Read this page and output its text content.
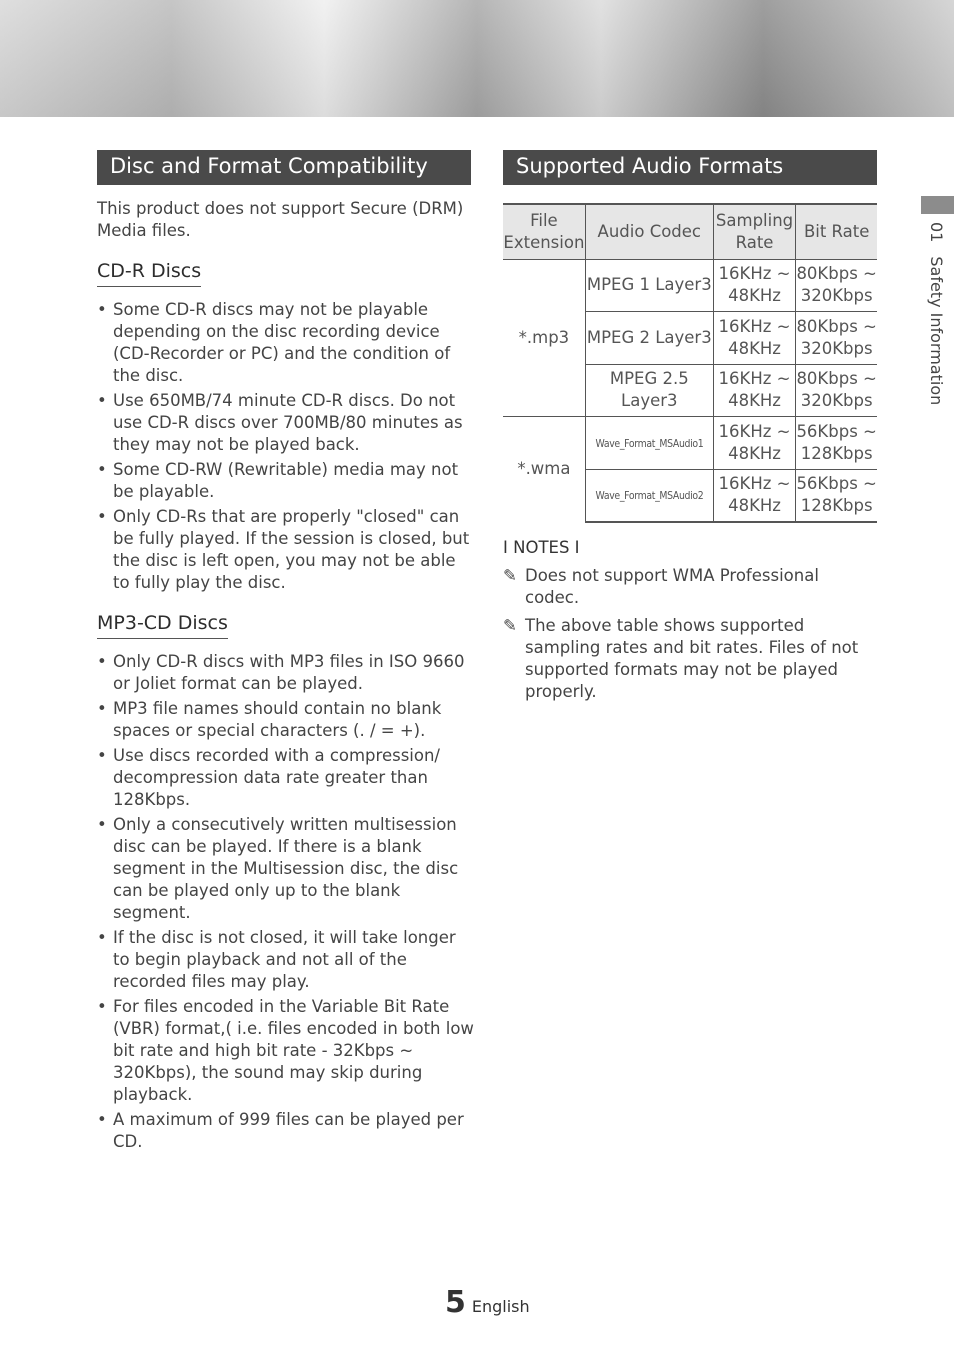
Disc and Format Compatibility	Supported Audio Formats

This product does not support Secure (DRM) Media files.

CD-R Discs
• Some CD-R discs may not be playable depending on the disc recording device (CD-Recorder or PC) and the condition of the disc.
• Use 650MB/74 minute CD-R discs. Do not use CD-R discs over 700MB/80 minutes as they may not be played back.
• Some CD-RW (Rewritable) media may not be playable.
• Only CD-Rs that are properly "closed" can be fully played. If the session is closed, but the disc is left open, you may not be able to fully play the disc.
MP3-CD Discs
• Only CD-R discs with MP3 files in ISO 9660 or Joliet format can be played.
• MP3 file names should contain no blank spaces or special characters (. / = +).
• Use discs recorded with a compression/ decompression data rate greater than 128Kbps.
• Only a consecutively written multisession disc can be played. If there is a blank segment in the Multisession disc, the disc can be played only up to the blank segment.
• If the disc is not closed, it will take longer to begin playback and not all of the recorded files may play.
• For files encoded in the Variable Bit Rate (VBR) format,( i.e. files encoded in both low bit rate and high bit rate - 32Kbps ~ 320Kbps), the sound may skip during playback.
• A maximum of 999 files can be played per CD.
File Extension	Audio Codec	Sampling Rate	Bit Rate
*.mp3	MPEG 1 Layer3	16KHz ~ 48KHz	80Kbps ~ 320Kbps
	MPEG 2 Layer3	16KHz ~ 48KHz	80Kbps ~ 320Kbps
	MPEG 2.5 Layer3	16KHz ~ 48KHz	80Kbps ~ 320Kbps
*.wma	Wave_Format_MSAudio1	16KHz ~ 48KHz	56Kbps ~ 128Kbps
	Wave_Format_MSAudio2	16KHz ~ 48KHz	56Kbps ~ 128Kbps
I NOTES I
✎ Does not support WMA Professional codec.
✎ The above table shows supported sampling rates and bit rates. Files of not supported formats may not be played properly.
01Safety Information
5 English
